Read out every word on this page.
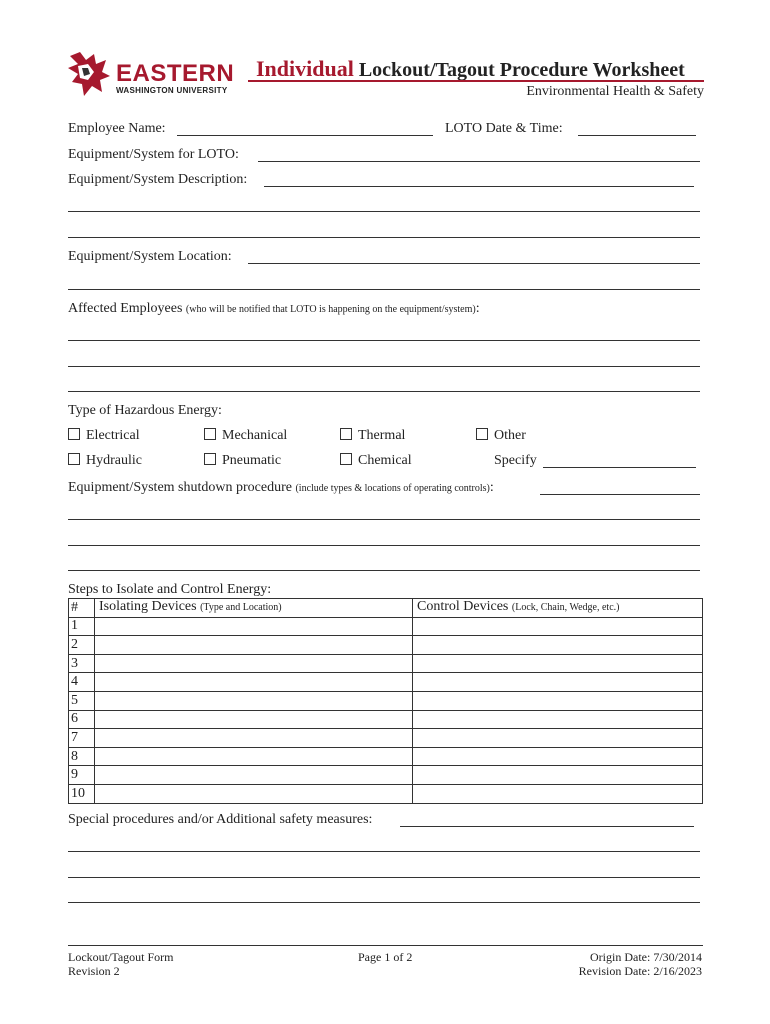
EASTERN
WASHINGTON UNIVERSITY
Individual Lockout/Tagout Procedure Worksheet
Environmental Health & Safety
Employee Name:	LOTO Date & Time:
Equipment/System for LOTO:
Equipment/System Description:
Equipment/System Location:
Affected Employees (who will be notified that LOTO is happening on the equipment/system):
Type of Hazardous Energy:
Electrical	Mechanical	Thermal	Other
Hydraulic	Pneumatic	Chemical	Specify
Equipment/System shutdown procedure (include types & locations of operating controls):
Steps to Isolate and Control Energy:
#	Isolating Devices (Type and Location)	Control Devices (Lock, Chain, Wedge, etc.)
1		
2		
3		
4		
5		
6		
7		
8		
9		
10		
Special procedures and/or Additional safety measures:
Lockout/Tagout Form
Revision 2
Page 1 of 2	Origin Date: 7/30/2014
Revision Date: 2/16/2023
